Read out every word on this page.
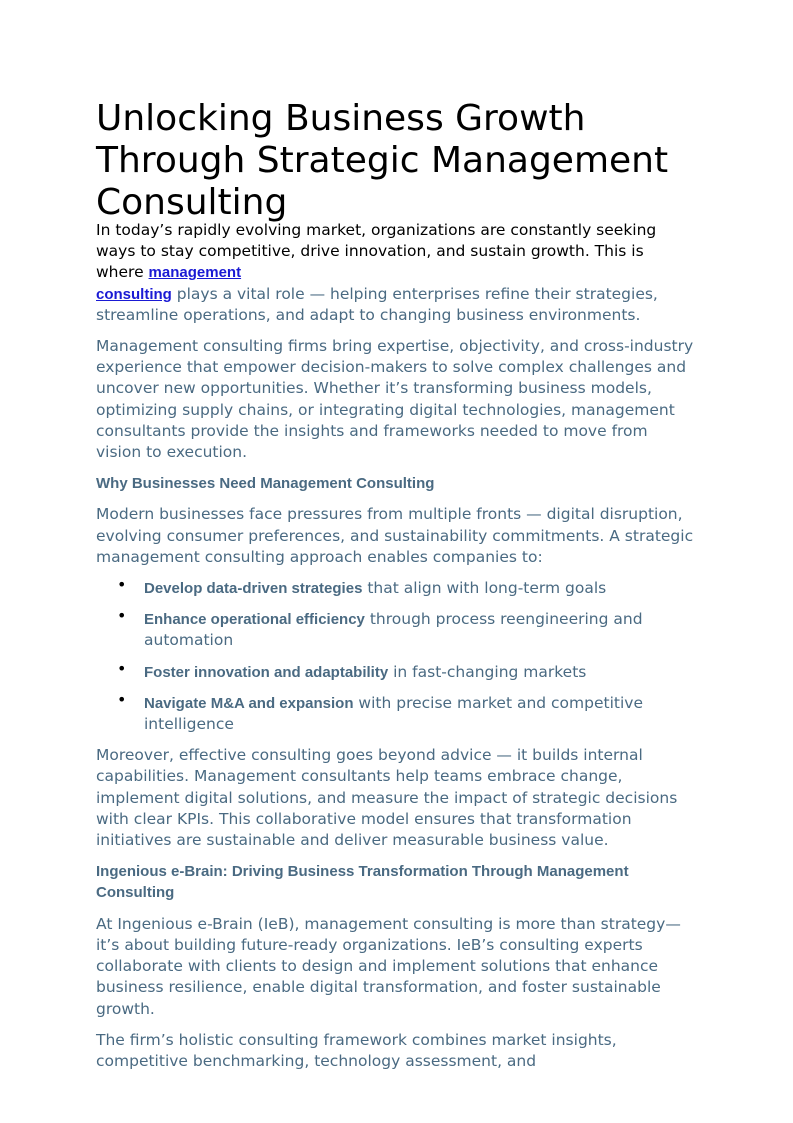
Unlocking Business Growth Through Strategic Management Consulting

In today’s rapidly evolving market, organizations are constantly seeking ways to stay competitive, drive innovation, and sustain growth. This is where management

consulting plays a vital role — helping enterprises refine their strategies, streamline operations, and adapt to changing business environments.

Management consulting firms bring expertise, objectivity, and cross-industry experience that empower decision-makers to solve complex challenges and uncover new opportunities. Whether it’s transforming business models, optimizing supply chains, or integrating digital technologies, management consultants provide the insights and frameworks needed to move from vision to execution.

Why Businesses Need Management Consulting

Modern businesses face pressures from multiple fronts — digital disruption, evolving consumer preferences, and sustainability commitments. A strategic management consulting approach enables companies to:

• Develop data-driven strategies that align with long-term goals
• Enhance operational efficiency through process reengineering and automation
• Foster innovation and adaptability in fast-changing markets
• Navigate M&A and expansion with precise market and competitive intelligence

Moreover, effective consulting goes beyond advice — it builds internal capabilities. Management consultants help teams embrace change, implement digital solutions, and measure the impact of strategic decisions with clear KPIs. This collaborative model ensures that transformation initiatives are sustainable and deliver measurable business value.

Ingenious e-Brain: Driving Business Transformation Through Management Consulting

At Ingenious e-Brain (IeB), management consulting is more than strategy—it’s about building future-ready organizations. IeB’s consulting experts collaborate with clients to design and implement solutions that enhance business resilience, enable digital transformation, and foster sustainable growth.

The firm’s holistic consulting framework combines market insights, competitive benchmarking, technology assessment, and
